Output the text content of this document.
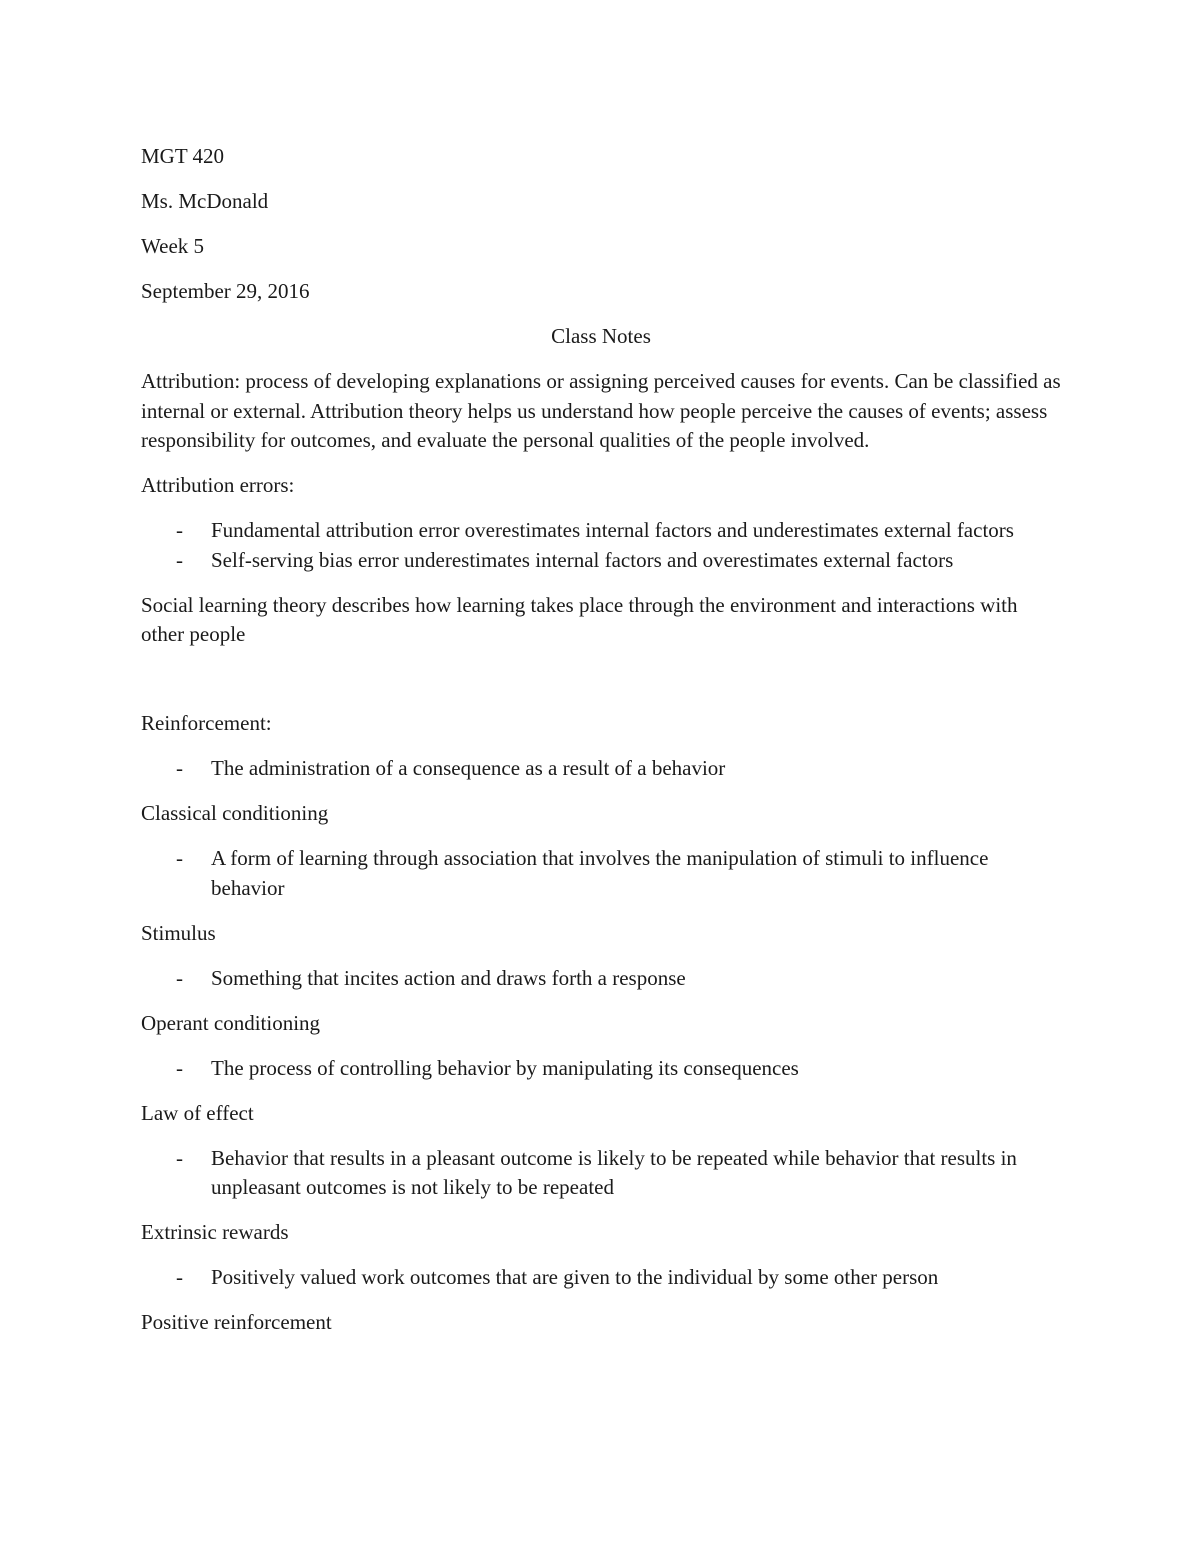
MGT 420

Ms. McDonald

Week 5

September 29, 2016

Class Notes

Attribution: process of developing explanations or assigning perceived causes for events. Can be classified as internal or external. Attribution theory helps us understand how people perceive the causes of events; assess responsibility for outcomes, and evaluate the personal qualities of the people involved.

Attribution errors:

- Fundamental attribution error overestimates internal factors and underestimates external factors
- Self-serving bias error underestimates internal factors and overestimates external factors

Social learning theory describes how learning takes place through the environment and interactions with other people

Reinforcement:

- The administration of a consequence as a result of a behavior

Classical conditioning

- A form of learning through association that involves the manipulation of stimuli to influence behavior

Stimulus

- Something that incites action and draws forth a response

Operant conditioning

- The process of controlling behavior by manipulating its consequences

Law of effect

- Behavior that results in a pleasant outcome is likely to be repeated while behavior that results in unpleasant outcomes is not likely to be repeated

Extrinsic rewards

- Positively valued work outcomes that are given to the individual by some other person

Positive reinforcement
